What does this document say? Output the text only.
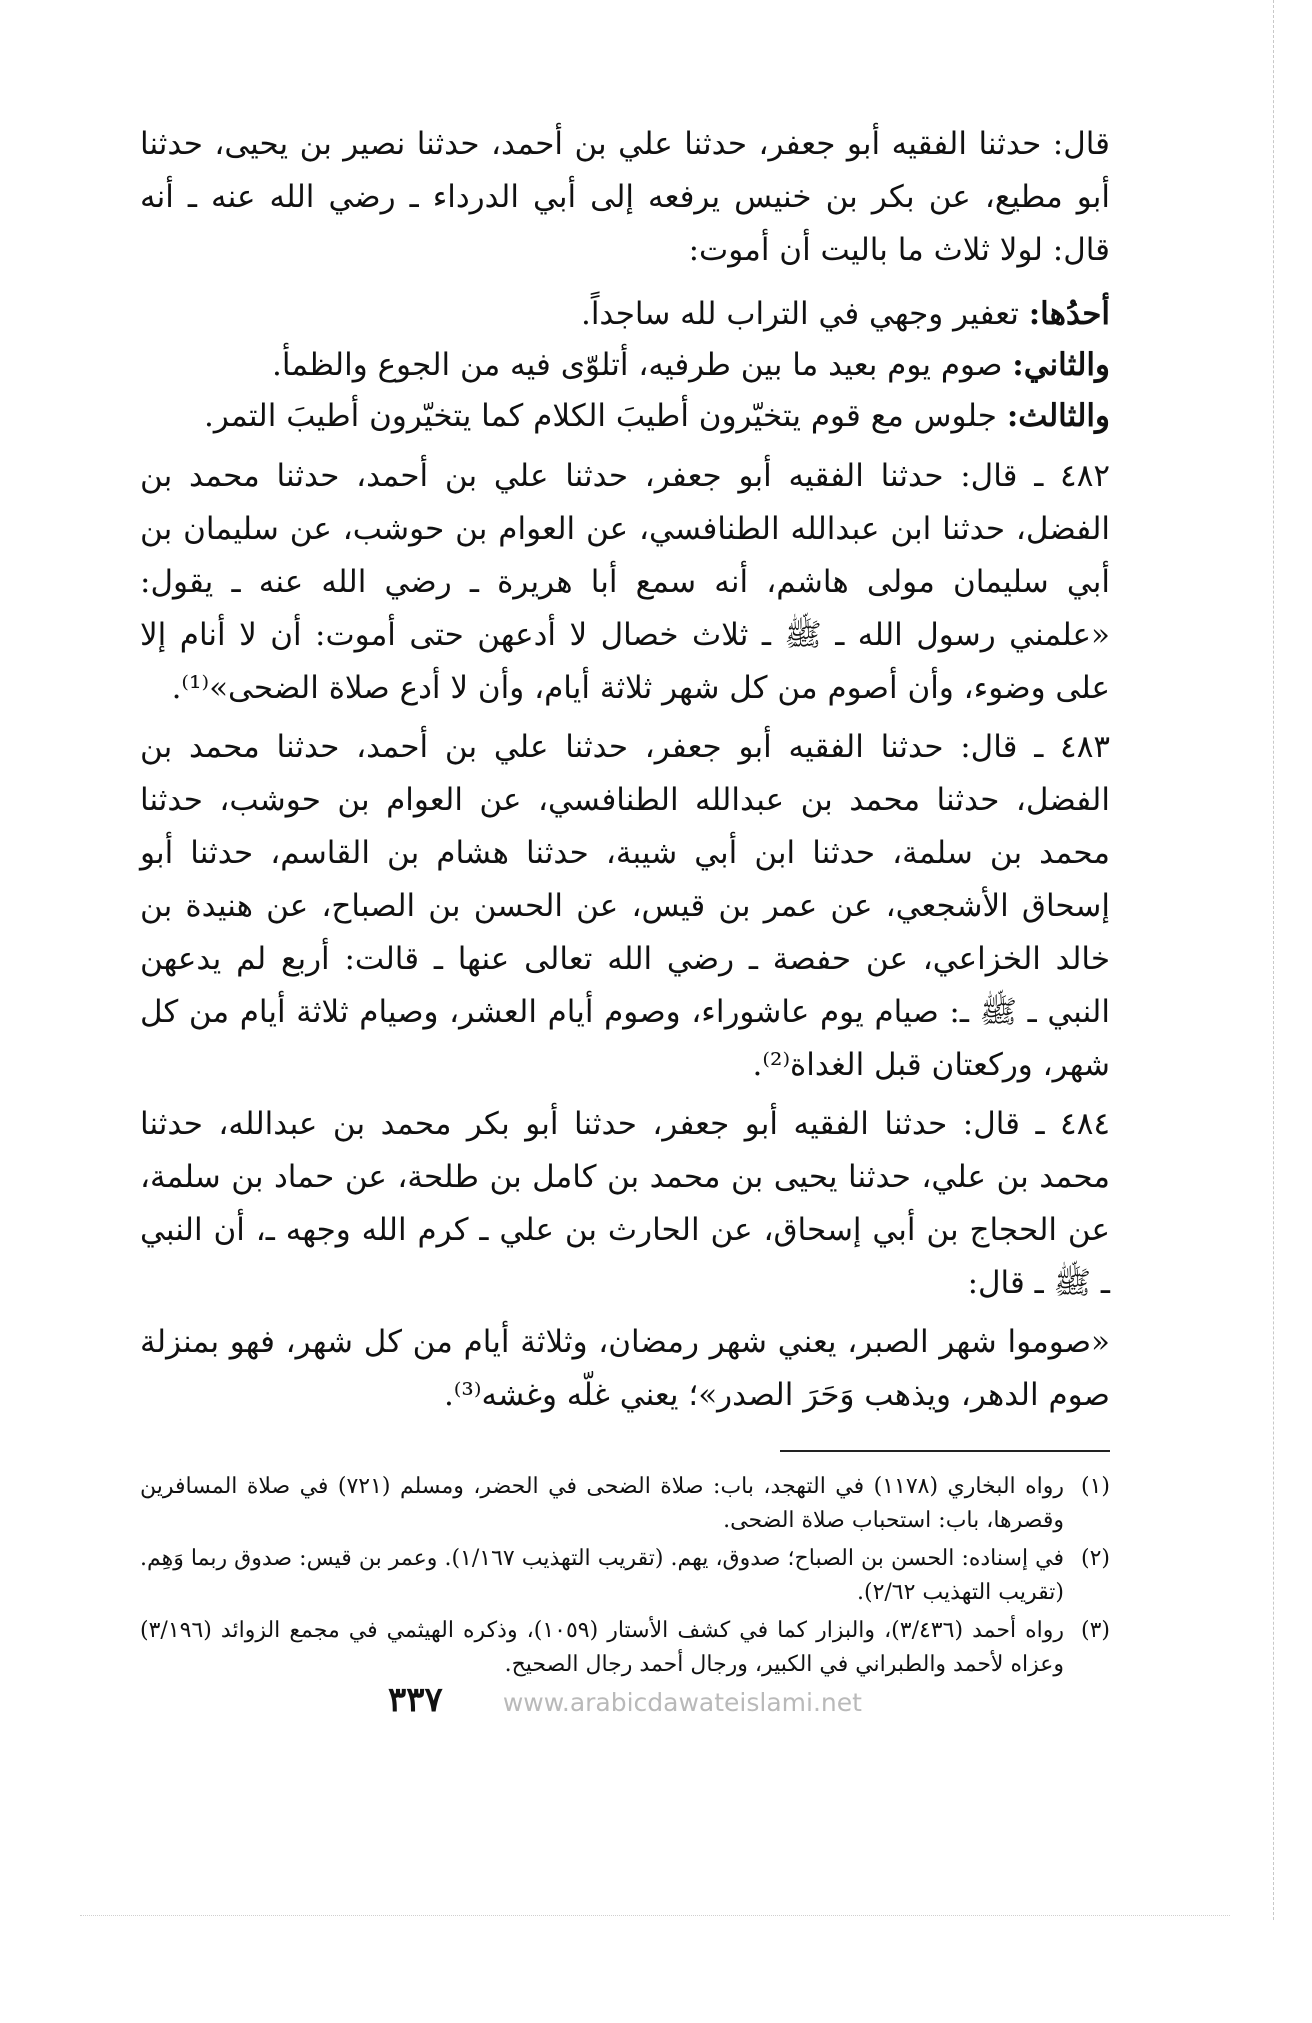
قال: حدثنا الفقيه أبو جعفر، حدثنا علي بن أحمد، حدثنا نصير بن يحيى، حدثنا أبو مطيع، عن بكر بن خنيس يرفعه إلى أبي الدرداء ـ رضي الله عنه ـ أنه قال: لولا ثلاث ما باليت أن أموت:

أحدُها: تعفير وجهي في التراب لله ساجداً.

والثاني: صوم يوم بعيد ما بين طرفيه، أتلوّى فيه من الجوع والظمأ.

والثالث: جلوس مع قوم يتخيّرون أطيبَ الكلام كما يتخيّرون أطيبَ التمر.

٤٨٢ ـ قال: حدثنا الفقيه أبو جعفر، حدثنا علي بن أحمد، حدثنا محمد بن الفضل، حدثنا ابن عبدالله الطنافسي، عن العوام بن حوشب، عن سليمان بن أبي سليمان مولى هاشم، أنه سمع أبا هريرة ـ رضي الله عنه ـ يقول: «علمني رسول الله ـ ﷺ ـ ثلاث خصال لا أدعهن حتى أموت: أن لا أنام إلا على وضوء، وأن أصوم من كل شهر ثلاثة أيام، وأن لا أدع صلاة الضحى»⁽¹⁾.

٤٨٣ ـ قال: حدثنا الفقيه أبو جعفر، حدثنا علي بن أحمد، حدثنا محمد بن الفضل، حدثنا محمد بن عبدالله الطنافسي، عن العوام بن حوشب، حدثنا محمد بن سلمة، حدثنا ابن أبي شيبة، حدثنا هشام بن القاسم، حدثنا أبو إسحاق الأشجعي، عن عمر بن قيس، عن الحسن بن الصباح، عن هنيدة بن خالد الخزاعي، عن حفصة ـ رضي الله تعالى عنها ـ قالت: أربع لم يدعهن النبي ـ ﷺ ـ: صيام يوم عاشوراء، وصوم أيام العشر، وصيام ثلاثة أيام من كل شهر، وركعتان قبل الغداة⁽²⁾.

٤٨٤ ـ قال: حدثنا الفقيه أبو جعفر، حدثنا أبو بكر محمد بن عبدالله، حدثنا محمد بن علي، حدثنا يحيى بن محمد بن كامل بن طلحة، عن حماد بن سلمة، عن الحجاج بن أبي إسحاق، عن الحارث بن علي ـ كرم الله وجهه ـ، أن النبي ـ ﷺ ـ قال:

«صوموا شهر الصبر، يعني شهر رمضان، وثلاثة أيام من كل شهر، فهو بمنزلة صوم الدهر، ويذهب وَحَرَ الصدر»؛ يعني غلّه وغشه⁽³⁾.

(١)
رواه البخاري (١١٧٨) في التهجد، باب: صلاة الضحى في الحضر، ومسلم (٧٢١) في صلاة المسافرين وقصرها، باب: استحباب صلاة الضحى.
(٢)
في إسناده: الحسن بن الصباح؛ صدوق، يهم. (تقريب التهذيب ١/١٦٧). وعمر بن قيس: صدوق ربما وَهِم. (تقريب التهذيب ٢/٦٢).
(٣)
رواه أحمد (٣/٤٣٦)، والبزار كما في كشف الأستار (١٠٥٩)، وذكره الهيثمي في مجمع الزوائد (٣/١٩٦) وعزاه لأحمد والطبراني في الكبير، ورجال أحمد رجال الصحيح.
٣٣٧ www.arabicdawateislami.net
